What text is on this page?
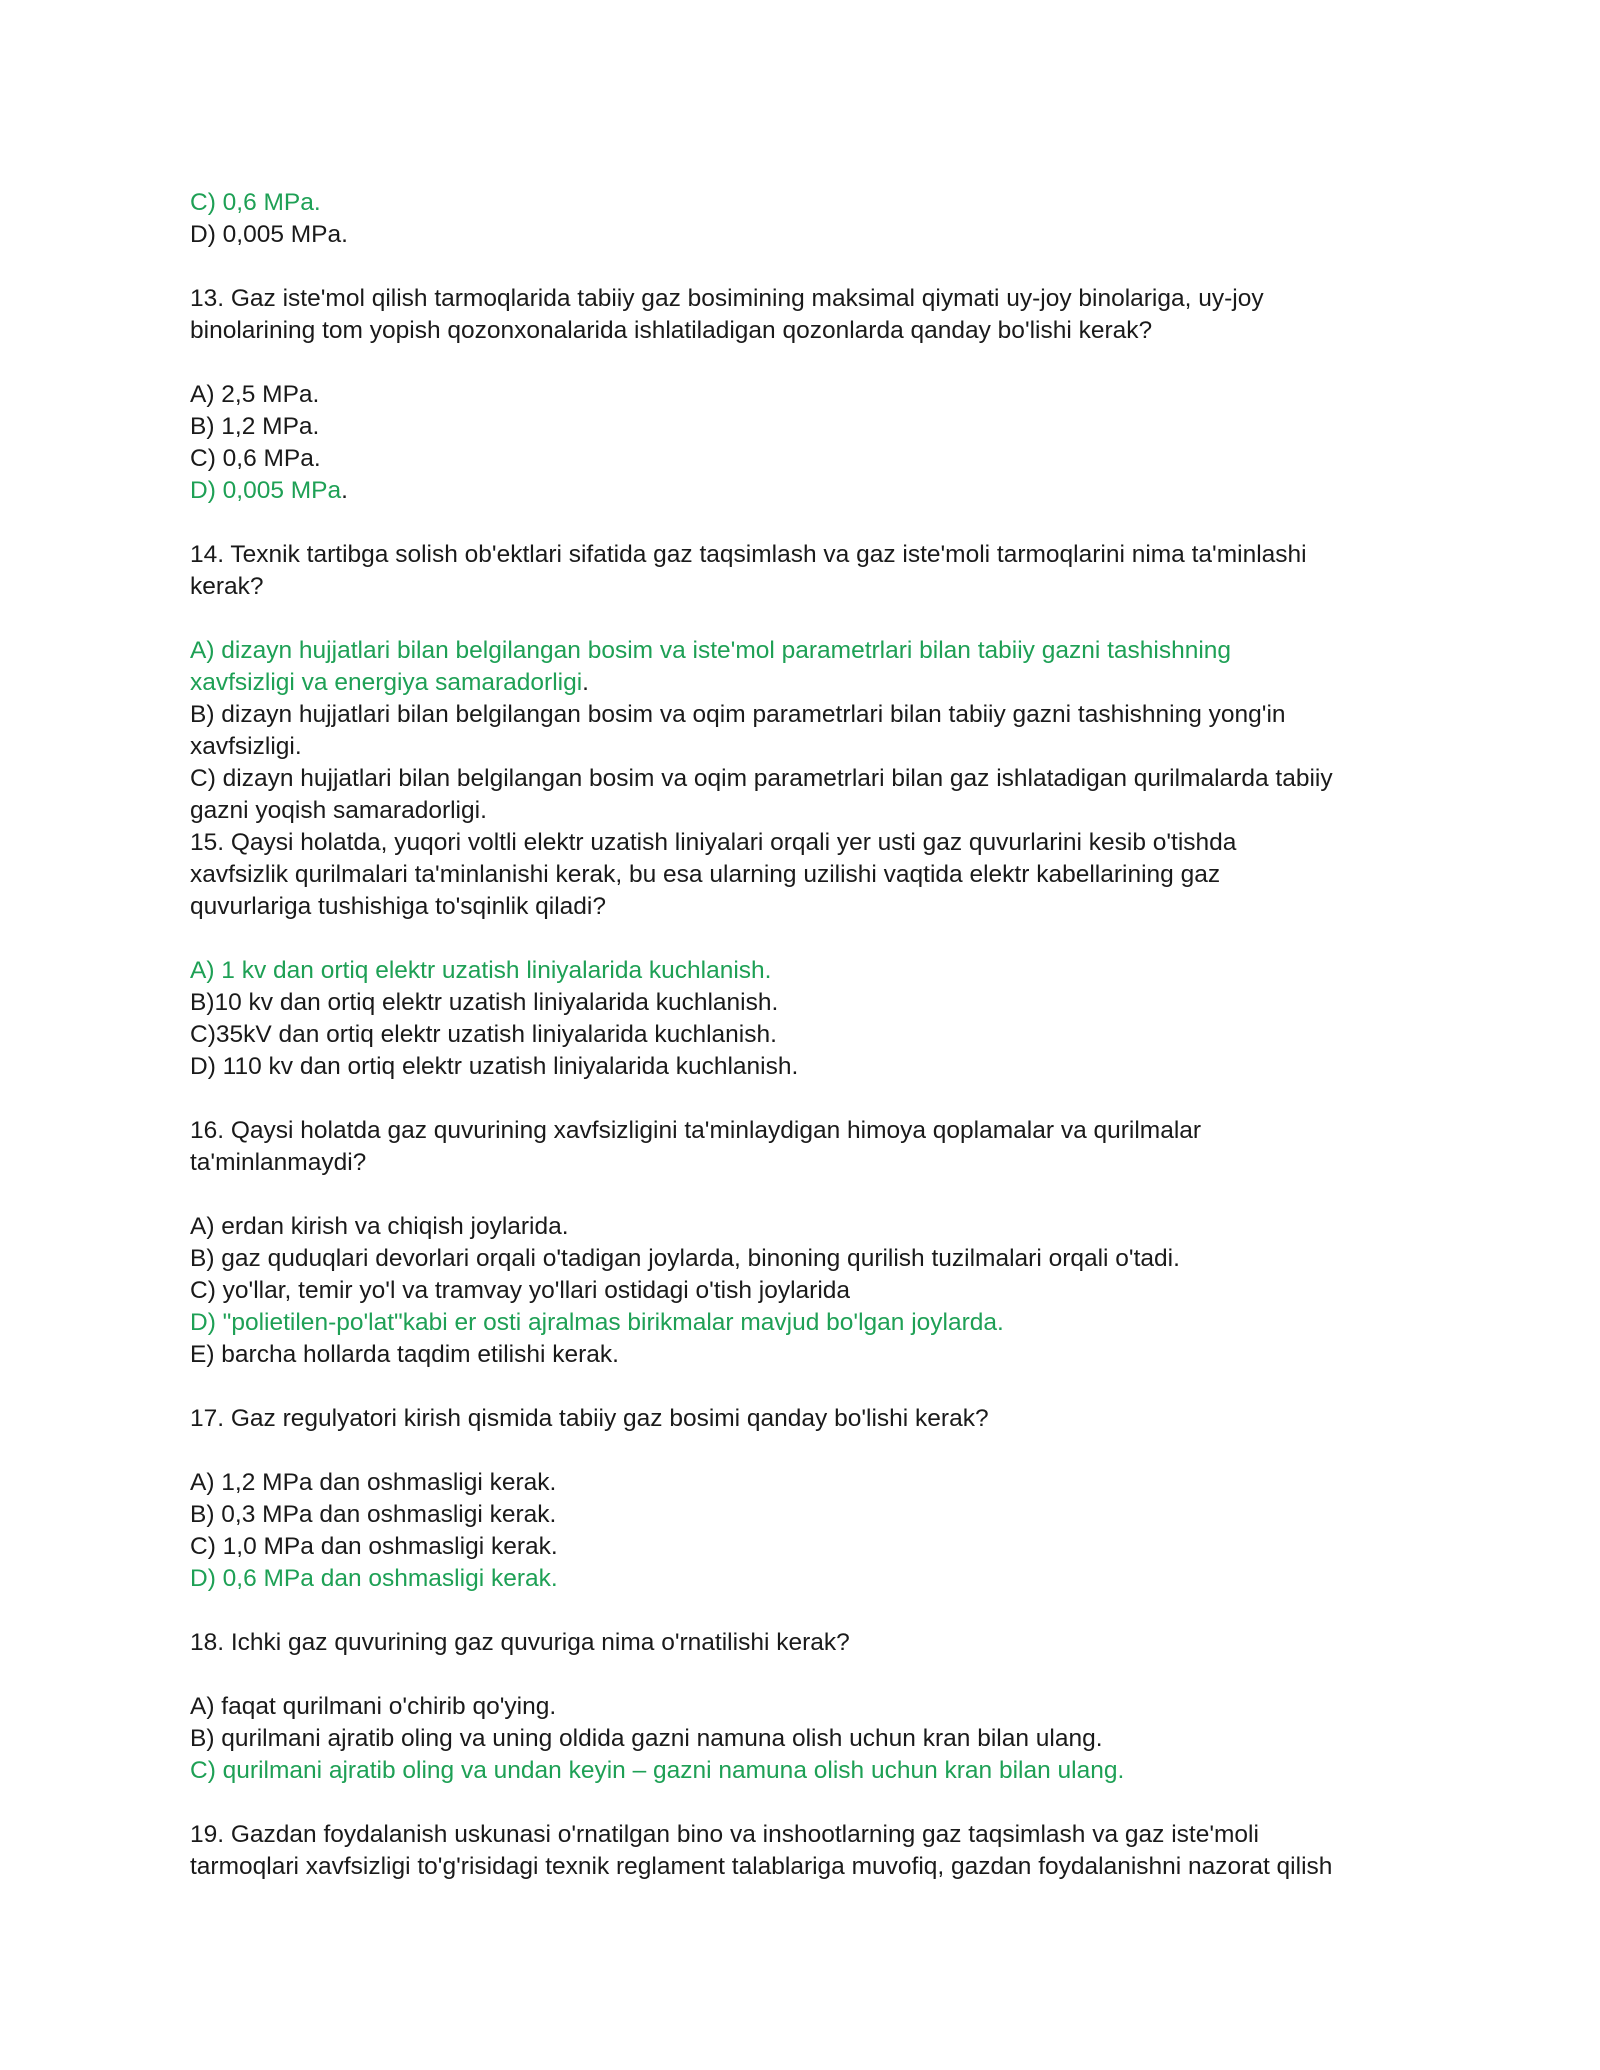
C) 0,6 MPa.
D) 0,005 MPa.
13. Gaz iste'mol qilish tarmoqlarida tabiiy gaz bosimining maksimal qiymati uy-joy binolariga, uy-joy
binolarining tom yopish qozonxonalarida ishlatiladigan qozonlarda qanday bo'lishi kerak?
A) 2,5 MPa.
B) 1,2 MPa.
C) 0,6 MPa.
D) 0,005 MPa.
14. Texnik tartibga solish ob'ektlari sifatida gaz taqsimlash va gaz iste'moli tarmoqlarini nima ta'minlashi
kerak?
A) dizayn hujjatlari bilan belgilangan bosim va iste'mol parametrlari bilan tabiiy gazni tashishning
xavfsizligi va energiya samaradorligi.
B) dizayn hujjatlari bilan belgilangan bosim va oqim parametrlari bilan tabiiy gazni tashishning yong'in
xavfsizligi.
C) dizayn hujjatlari bilan belgilangan bosim va oqim parametrlari bilan gaz ishlatadigan qurilmalarda tabiiy
gazni yoqish samaradorligi.
15. Qaysi holatda, yuqori voltli elektr uzatish liniyalari orqali yer usti gaz quvurlarini kesib o'tishda
xavfsizlik qurilmalari ta'minlanishi kerak, bu esa ularning uzilishi vaqtida elektr kabellarining gaz
quvurlariga tushishiga to'sqinlik qiladi?
A) 1 kv dan ortiq elektr uzatish liniyalarida kuchlanish.
B)10 kv dan ortiq elektr uzatish liniyalarida kuchlanish.
C)35kV dan ortiq elektr uzatish liniyalarida kuchlanish.
D) 110 kv dan ortiq elektr uzatish liniyalarida kuchlanish.
16. Qaysi holatda gaz quvurining xavfsizligini ta'minlaydigan himoya qoplamalar va qurilmalar
ta'minlanmaydi?
A) erdan kirish va chiqish joylarida.
B) gaz quduqlari devorlari orqali o'tadigan joylarda, binoning qurilish tuzilmalari orqali o'tadi.
C) yo'llar, temir yo'l va tramvay yo'llari ostidagi o'tish joylarida
D) "polietilen-po'lat"kabi er osti ajralmas birikmalar mavjud bo'lgan joylarda.
E) barcha hollarda taqdim etilishi kerak.
17. Gaz regulyatori kirish qismida tabiiy gaz bosimi qanday bo'lishi kerak?
A) 1,2 MPa dan oshmasligi kerak.
B) 0,3 MPa dan oshmasligi kerak.
C) 1,0 MPa dan oshmasligi kerak.
D) 0,6 MPa dan oshmasligi kerak.
18. Ichki gaz quvurining gaz quvuriga nima o'rnatilishi kerak?
A) faqat qurilmani o'chirib qo'ying.
B) qurilmani ajratib oling va uning oldida gazni namuna olish uchun kran bilan ulang.
C) qurilmani ajratib oling va undan keyin – gazni namuna olish uchun kran bilan ulang.
19. Gazdan foydalanish uskunasi o'rnatilgan bino va inshootlarning gaz taqsimlash va gaz iste'moli
tarmoqlari xavfsizligi to'g'risidagi texnik reglament talablariga muvofiq, gazdan foydalanishni nazorat qilish
